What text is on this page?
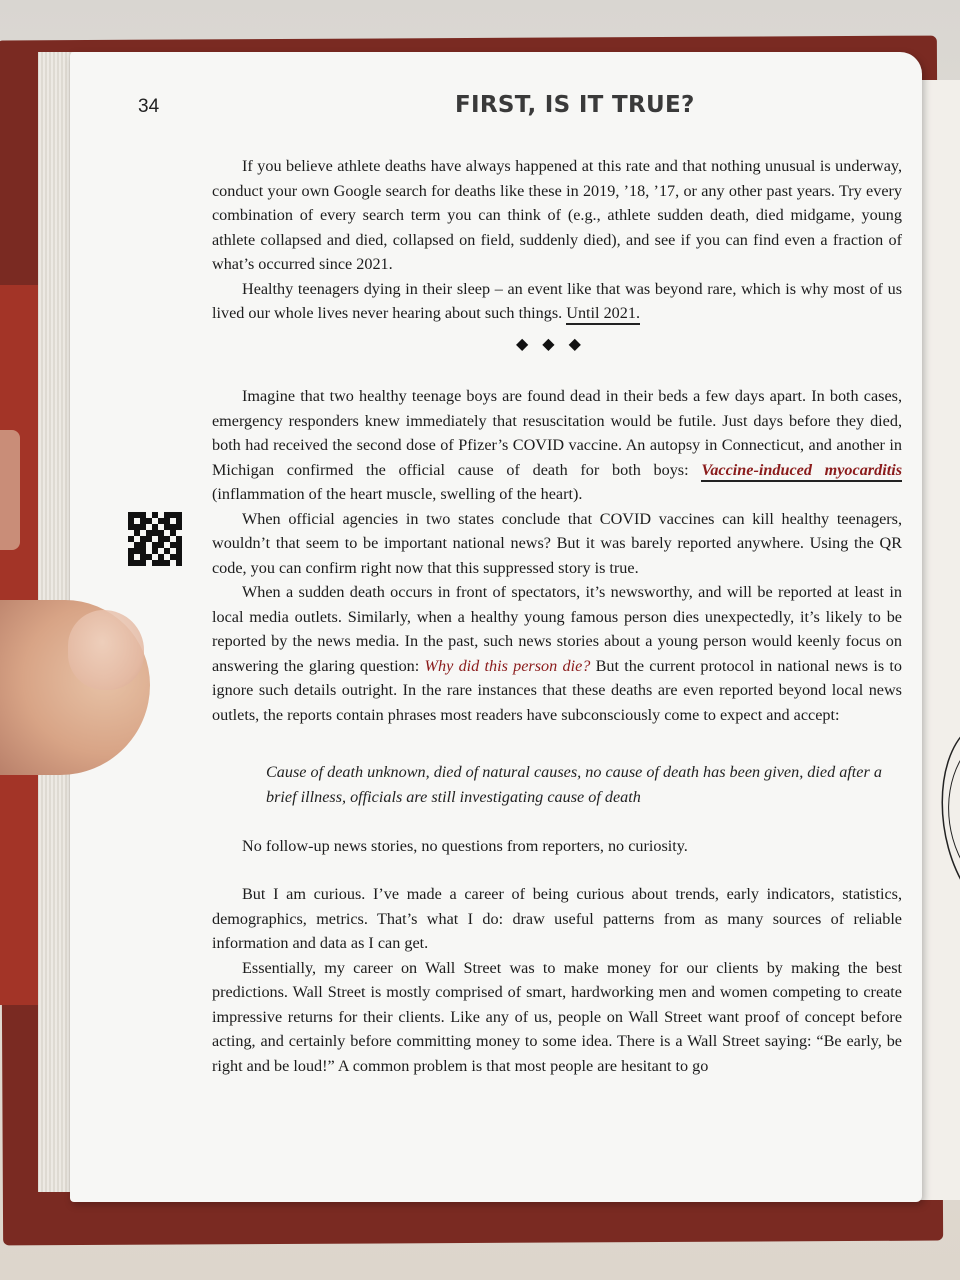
34	FIRST, IS IT TRUE?

If you believe athlete deaths have always happened at this rate and that nothing unusual is underway, conduct your own Google search for deaths like these in 2019, ’18, ’17, or any other past years. Try every combination of every search term you can think of (e.g., athlete sudden death, died midgame, young athlete collapsed and died, collapsed on field, suddenly died), and see if you can find even a fraction of what’s occurred since 2021.

Healthy teenagers dying in their sleep – an event like that was beyond rare, which is why most of us lived our whole lives never hearing about such things. Until 2021.

◆◆◆

Imagine that two healthy teenage boys are found dead in their beds a few days apart. In both cases, emergency responders knew immediately that resuscitation would be futile. Just days before they died, both had received the second dose of Pfizer’s COVID vaccine. An autopsy in Connecticut, and another in Michigan confirmed the official cause of death for both boys: Vaccine-induced myocarditis (inflammation of the heart muscle, swelling of the heart).

When official agencies in two states conclude that COVID vaccines can kill healthy teenagers, wouldn’t that seem to be important national news? But it was barely reported anywhere. Using the QR code, you can confirm right now that this suppressed story is true.

When a sudden death occurs in front of spectators, it’s newsworthy, and will be reported at least in local media outlets. Similarly, when a healthy young famous person dies unexpectedly, it’s likely to be reported by the news media. In the past, such news stories about a young person would keenly focus on answering the glaring question: Why did this person die? But the current protocol in national news is to ignore such details outright. In the rare instances that these deaths are even reported beyond local news outlets, the reports contain phrases most readers have subconsciously come to expect and accept:

Cause of death unknown, died of natural causes, no cause of death has been given, died after a brief illness, officials are still investigating cause of death

No follow-up news stories, no questions from reporters, no curiosity.

But I am curious. I’ve made a career of being curious about trends, early indicators, statistics, demographics, metrics. That’s what I do: draw useful patterns from as many sources of reliable information and data as I can get.

Essentially, my career on Wall Street was to make money for our clients by making the best predictions. Wall Street is mostly comprised of smart, hardworking men and women competing to create impressive returns for their clients. Like any of us, people on Wall Street want proof of concept before acting, and certainly before committing money to some idea. There is a Wall Street saying: “Be early, be right and be loud!” A common problem is that most people are hesitant to go
